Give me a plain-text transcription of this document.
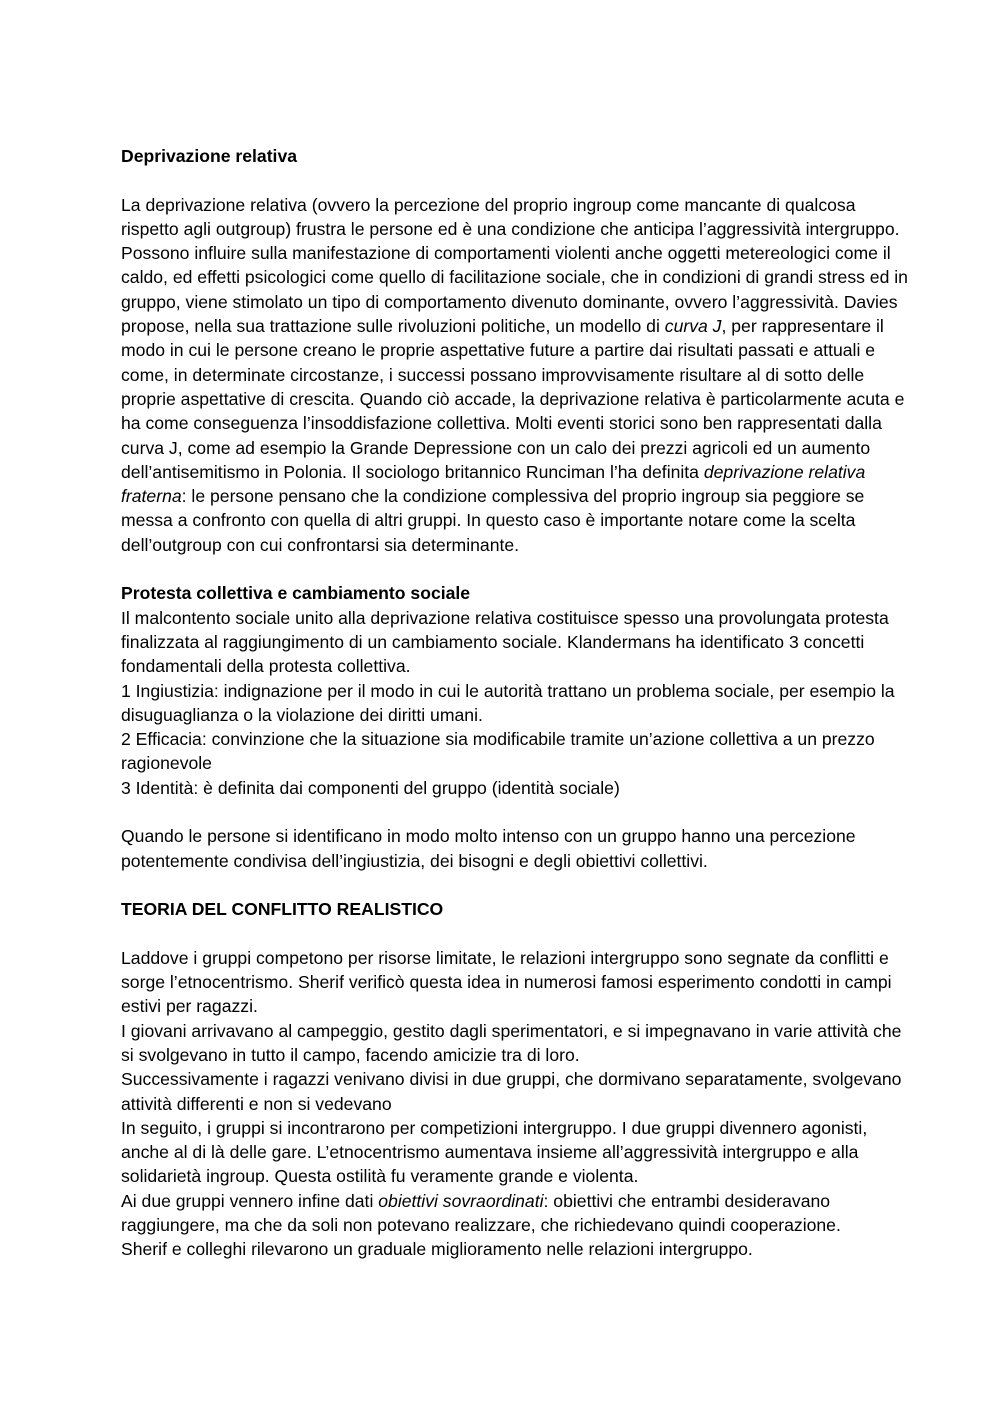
Deprivazione relativa

La deprivazione relativa (ovvero la percezione del proprio ingroup come mancante di qualcosa rispetto agli outgroup) frustra le persone ed è una condizione che anticipa l’aggressività intergruppo. Possono influire sulla manifestazione di comportamenti violenti anche oggetti metereologici come il caldo, ed effetti psicologici come quello di facilitazione sociale, che in condizioni di grandi stress ed in gruppo, viene stimolato un tipo di comportamento divenuto dominante, ovvero l’aggressività. Davies propose, nella sua trattazione sulle rivoluzioni politiche, un modello di curva J, per rappresentare il modo in cui le persone creano le proprie aspettative future a partire dai risultati passati e attuali e come, in determinate circostanze, i successi possano improvvisamente risultare al di sotto delle proprie aspettative di crescita. Quando ciò accade, la deprivazione relativa è particolarmente acuta e ha come conseguenza l’insoddisfazione collettiva. Molti eventi storici sono ben rappresentati dalla curva J, come ad esempio la Grande Depressione con un calo dei prezzi agricoli ed un aumento dell’antisemitismo in Polonia. Il sociologo britannico Runciman l’ha definita deprivazione relativa fraterna: le persone pensano che la condizione complessiva del proprio ingroup sia peggiore se messa a confronto con quella di altri gruppi. In questo caso è importante notare come la scelta dell’outgroup con cui confrontarsi sia determinante.

Protesta collettiva e cambiamento sociale

Il malcontento sociale unito alla deprivazione relativa costituisce spesso una provolungata protesta finalizzata al raggiungimento di un cambiamento sociale. Klandermans ha identificato 3 concetti fondamentali della protesta collettiva.

1 Ingiustizia: indignazione per il modo in cui le autorità trattano un problema sociale, per esempio la disuguaglianza o la violazione dei diritti umani.

2 Efficacia: convinzione che la situazione sia modificabile tramite un’azione collettiva a un prezzo ragionevole

3 Identità: è definita dai componenti del gruppo (identità sociale)

Quando le persone si identificano in modo molto intenso con un gruppo hanno una percezione potentemente condivisa dell’ingiustizia, dei bisogni e degli obiettivi collettivi.

TEORIA DEL CONFLITTO REALISTICO

Laddove i gruppi competono per risorse limitate, le relazioni intergruppo sono segnate da conflitti e sorge l’etnocentrismo. Sherif verificò questa idea in numerosi famosi esperimento condotti in campi estivi per ragazzi.

I giovani arrivavano al campeggio, gestito dagli sperimentatori, e si impegnavano in varie attività che si svolgevano in tutto il campo, facendo amicizie tra di loro.

Successivamente i ragazzi venivano divisi in due gruppi, che dormivano separatamente, svolgevano attività differenti e non si vedevano

In seguito, i gruppi si incontrarono per competizioni intergruppo. I due gruppi divennero agonisti, anche al di là delle gare. L’etnocentrismo aumentava insieme all’aggressività intergruppo e alla solidarietà ingroup. Questa ostilità fu veramente grande e violenta.

Ai due gruppi vennero infine dati obiettivi sovraordinati: obiettivi che entrambi desideravano raggiungere, ma che da soli non potevano realizzare, che richiedevano quindi cooperazione.

Sherif e colleghi rilevarono un graduale miglioramento nelle relazioni intergruppo.
